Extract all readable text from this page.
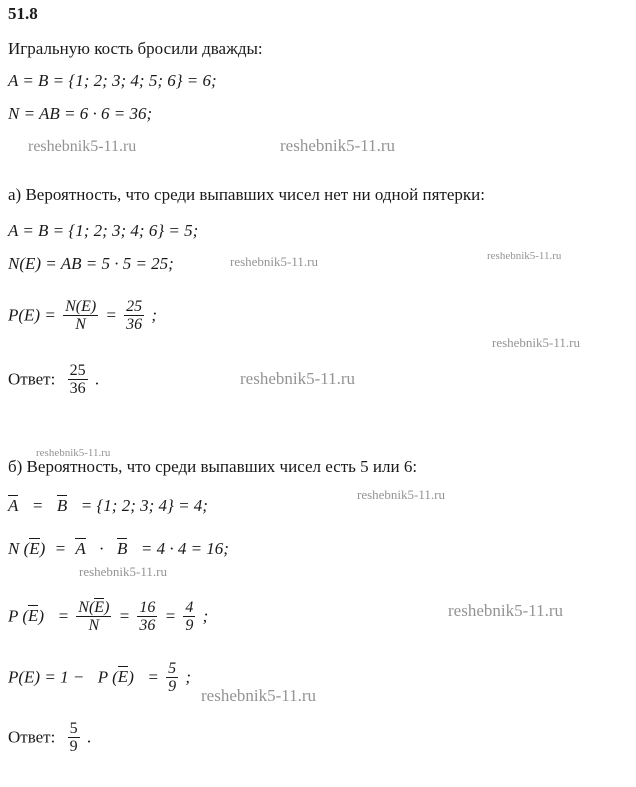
reshebnik5-11.ru	reshebnik5-11.ru
reshebnik5-11.ru	reshebnik5-11.ru
reshebnik5-11.ru
reshebnik5-11.ru
reshebnik5-11.ru
reshebnik5-11.ru
reshebnik5-11.ru
reshebnik5-11.ru
reshebnik5-11.ru
51.8
Игральную кость бросили дважды:
A = B = {1; 2; 3; 4; 5; 6} = 6;
N = AB = 6 · 6 = 36;
а) Вероятность, что среди выпавших чисел нет ни одной пятерки:
A = B = {1; 2; 3; 4; 6} = 5;
N(E) = AB = 5 · 5 = 25;
$P(E) = \frac{N(E)}{N} = \frac{25}{36}$ ;
Ответ: $\frac{25}{36}$ .
б) Вероятность, что среди выпавших чисел есть 5 или 6:
A = B = {1; 2; 3; 4} = 4;
N (E) = A · B = 4 · 4 = 16;
P $(E) = \frac{N(E)}{N} = \frac{16}{36} = \frac{4}{9}$ ;
P(E) = 1 − P $(E) = \frac{5}{9}$ ;
Ответ: $\frac{5}{9}$ .
